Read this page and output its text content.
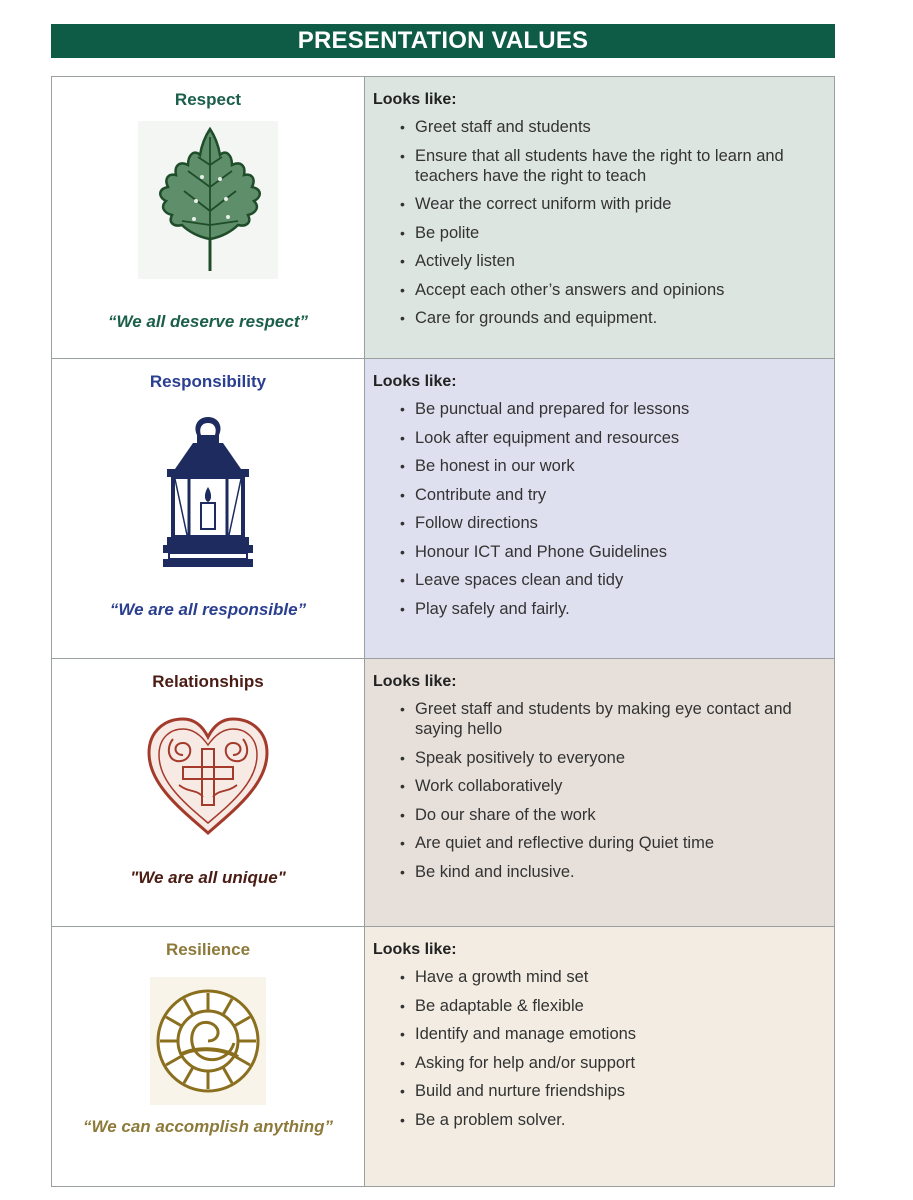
PRESENTATION VALUES
Respect
“We all deserve respect”
Looks like:
• Greet staff and students
• Ensure that all students have the right to learn and teachers have the right to teach
• Wear the correct uniform with pride
• Be polite
• Actively listen
• Accept each other’s answers and opinions
• Care for grounds and equipment.
Responsibility
“We are all responsible”
Looks like:
• Be punctual and prepared for lessons
• Look after equipment and resources
• Be honest in our work
• Contribute and try
• Follow directions
• Honour ICT and Phone Guidelines
• Leave spaces clean and tidy
• Play safely and fairly.
Relationships
"We are all unique"
Looks like:
• Greet staff and students by making eye contact and saying hello
• Speak positively to everyone
• Work collaboratively
• Do our share of the work
• Are quiet and reflective during Quiet time
• Be kind and inclusive.
Resilience
“We can accomplish anything”
Looks like:
• Have a growth mind set
• Be adaptable & flexible
• Identify and manage emotions
• Asking for help and/or support
• Build and nurture friendships
• Be a problem solver.
